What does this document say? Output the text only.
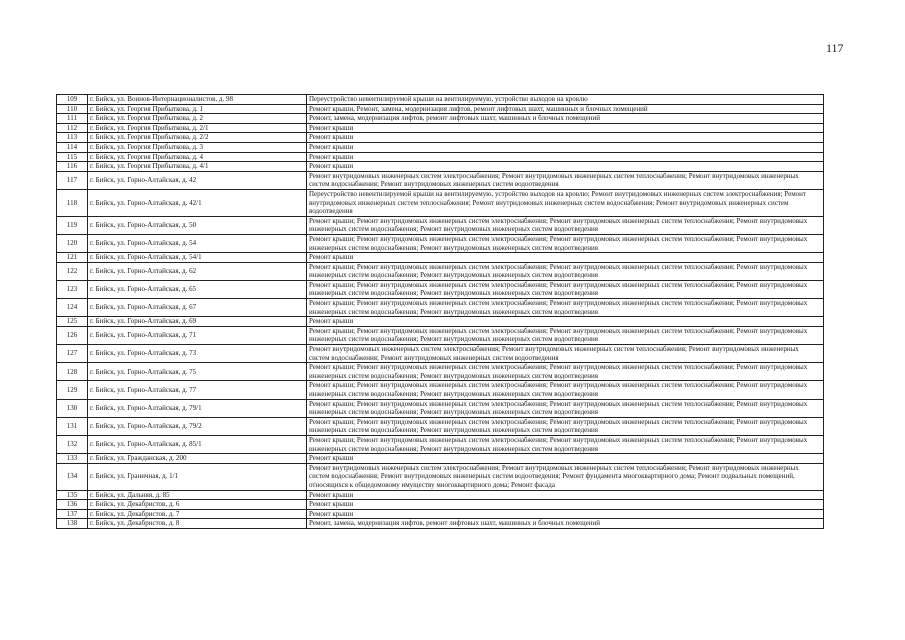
117
109	г. Бийск, ул. Воинов-Интернационалистов, д. 98	Переустройство невентилируемой крыши на вентилируемую, устройство выходов на кровлю
110	г. Бийск, ул. Георгия Прибыткова, д. 1	Ремонт крыши, Ремонт, замена, модернизация лифтов, ремонт лифтовых шахт, машинных и блочных помещений
111	г. Бийск, ул. Георгия Прибыткова, д. 2	Ремонт, замена, модернизация лифтов, ремонт лифтовых шахт, машинных и блочных помещений
112	г. Бийск, ул. Георгия Прибыткова, д. 2/1	Ремонт крыши
113	г. Бийск, ул. Георгия Прибыткова, д. 2/2	Ремонт крыши
114	г. Бийск, ул. Георгия Прибыткова, д. 3	Ремонт крыши
115	г. Бийск, ул. Георгия Прибыткова, д. 4	Ремонт крыши
116	г. Бийск, ул. Георгия Прибыткова, д. 4/1	Ремонт крыши
117	г. Бийск, ул. Горно-Алтайская, д. 42	Ремонт внутридомовых инженерных систем электроснабжения; Ремонт внутридомовых инженерных систем теплоснабжения; Ремонт внутридомовых инженерных систем водоснабжения; Ремонт внутридомовых инженерных систем водоотведения
118	г. Бийск, ул. Горно-Алтайская, д. 42/1	Переустройство невентилируемой крыши на вентилируемую, устройство выходов на кровлю; Ремонт внутридомовых инженерных систем электроснабжения; Ремонт внутридомовых инженерных систем теплоснабжения; Ремонт внутридомовых инженерных систем водоснабжения; Ремонт внутридомовых инженерных систем водоотведения
119	г. Бийск, ул. Горно-Алтайская, д. 50	Ремонт крыши; Ремонт внутридомовых инженерных систем электроснабжения; Ремонт внутридомовых инженерных систем теплоснабжения; Ремонт внутридомовых инженерных систем водоснабжения; Ремонт внутридомовых инженерных систем водоотведения
120	г. Бийск, ул. Горно-Алтайская, д. 54	Ремонт крыши; Ремонт внутридомовых инженерных систем электроснабжения; Ремонт внутридомовых инженерных систем теплоснабжения; Ремонт внутридомовых инженерных систем водоснабжения; Ремонт внутридомовых инженерных систем водоотведения
121	г. Бийск, ул. Горно-Алтайская, д. 54/1	Ремонт крыши
122	г. Бийск, ул. Горно-Алтайская, д. 62	Ремонт крыши; Ремонт внутридомовых инженерных систем электроснабжения; Ремонт внутридомовых инженерных систем теплоснабжения; Ремонт внутридомовых инженерных систем водоснабжения; Ремонт внутридомовых инженерных систем водоотведения
123	г. Бийск, ул. Горно-Алтайская, д. 65	Ремонт крыши; Ремонт внутридомовых инженерных систем электроснабжения; Ремонт внутридомовых инженерных систем теплоснабжения; Ремонт внутридомовых инженерных систем водоснабжения; Ремонт внутридомовых инженерных систем водоотведения
124	г. Бийск, ул. Горно-Алтайская, д. 67	Ремонт крыши; Ремонт внутридомовых инженерных систем электроснабжения; Ремонт внутридомовых инженерных систем теплоснабжения; Ремонт внутридомовых инженерных систем водоснабжения; Ремонт внутридомовых инженерных систем водоотведения
125	г. Бийск, ул. Горно-Алтайская, д. 69	Ремонт крыши
126	г. Бийск, ул. Горно-Алтайская, д. 71	Ремонт крыши; Ремонт внутридомовых инженерных систем электроснабжения; Ремонт внутридомовых инженерных систем теплоснабжения; Ремонт внутридомовых инженерных систем водоснабжения; Ремонт внутридомовых инженерных систем водоотведения
127	г. Бийск, ул. Горно-Алтайская, д. 73	Ремонт внутридомовых инженерных систем электроснабжения; Ремонт внутридомовых инженерных систем теплоснабжения; Ремонт внутридомовых инженерных систем водоснабжения; Ремонт внутридомовых инженерных систем водоотведения
128	г. Бийск, ул. Горно-Алтайская, д. 75	Ремонт крыши; Ремонт внутридомовых инженерных систем электроснабжения; Ремонт внутридомовых инженерных систем теплоснабжения; Ремонт внутридомовых инженерных систем водоснабжения; Ремонт внутридомовых инженерных систем водоотведения
129	г. Бийск, ул. Горно-Алтайская, д. 77	Ремонт крыши; Ремонт внутридомовых инженерных систем электроснабжения; Ремонт внутридомовых инженерных систем теплоснабжения; Ремонт внутридомовых инженерных систем водоснабжения; Ремонт внутридомовых инженерных систем водоотведения
130	г. Бийск, ул. Горно-Алтайская, д. 79/1	Ремонт крыши; Ремонт внутридомовых инженерных систем электроснабжения; Ремонт внутридомовых инженерных систем теплоснабжения; Ремонт внутридомовых инженерных систем водоснабжения; Ремонт внутридомовых инженерных систем водоотведения
131	г. Бийск, ул. Горно-Алтайская, д. 79/2	Ремонт крыши; Ремонт внутридомовых инженерных систем электроснабжения; Ремонт внутридомовых инженерных систем теплоснабжения; Ремонт внутридомовых инженерных систем водоснабжения; Ремонт внутридомовых инженерных систем водоотведения
132	г. Бийск, ул. Горно-Алтайская, д. 85/1	Ремонт крыши; Ремонт внутридомовых инженерных систем электроснабжения; Ремонт внутридомовых инженерных систем теплоснабжения; Ремонт внутридомовых инженерных систем водоснабжения; Ремонт внутридомовых инженерных систем водоотведения
133	г. Бийск, ул. Гражданская, д. 200	Ремонт крыши
134	г. Бийск, ул. Граничная, д. 1/1	Ремонт внутридомовых инженерных систем электроснабжения; Ремонт внутридомовых инженерных систем теплоснабжения; Ремонт внутридомовых инженерных систем водоснабжения; Ремонт внутридомовых инженерных систем водоотведения; Ремонт фундамента многоквартирного дома; Ремонт подвальных помещений, относящихся к общедомовому имуществу многоквартирного дома; Ремонт фасада
135	г. Бийск, ул. Дальняя, д. 85	Ремонт крыши
136	г. Бийск, ул. Декабристов, д. 6	Ремонт крыши
137	г. Бийск, ул. Декабристов, д. 7	Ремонт крыши
138	г. Бийск, ул. Декабристов, д. 8	Ремонт, замена, модернизация лифтов, ремонт лифтовых шахт, машинных и блочных помещений
